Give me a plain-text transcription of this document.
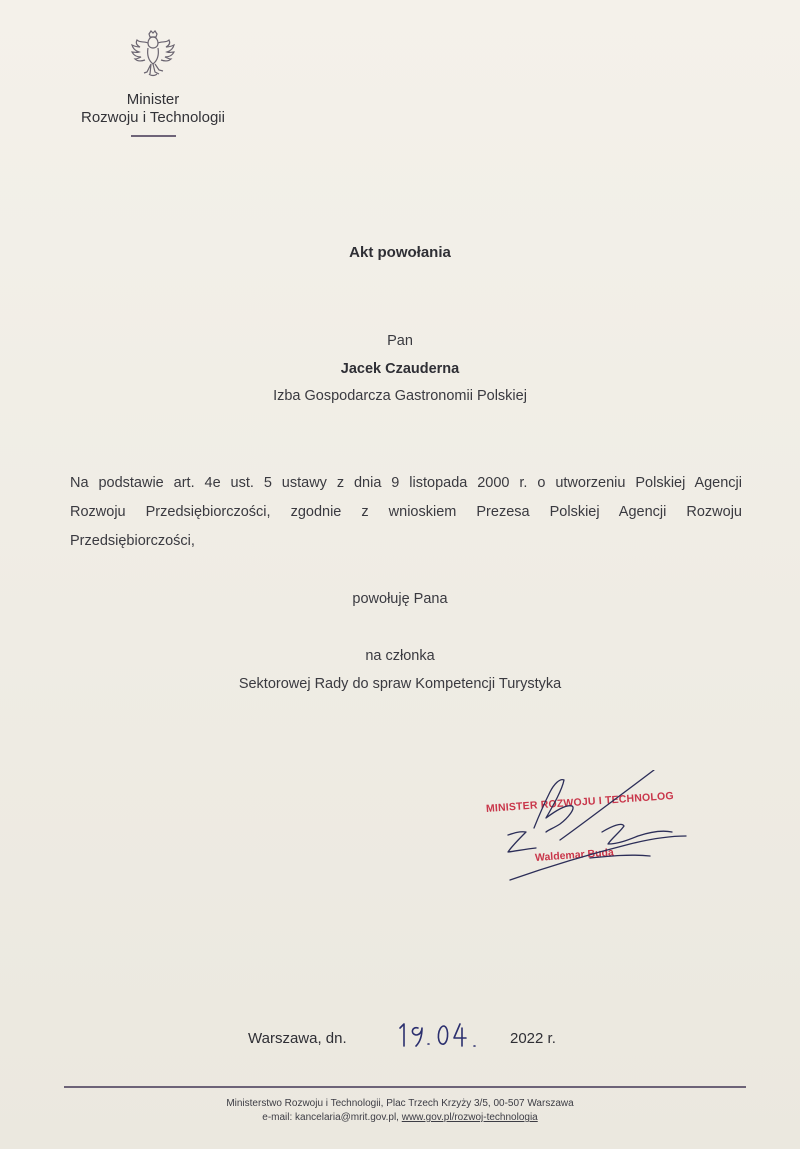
Minister
Rozwoju i Technologii
Akt powołania
Pan
Jacek Czauderna
Izba Gospodarcza Gastronomii Polskiej
Na podstawie art. 4e ust. 5 ustawy z dnia 9 listopada 2000 r. o utworzeniu Polskiej Agencji
Rozwoju Przedsiębiorczości, zgodnie z wnioskiem Prezesa Polskiej Agencji Rozwoju
Przedsiębiorczości,
powołuję Pana
na członka
Sektorowej Rady do spraw Kompetencji Turystyka
MINISTER ROZWOJU I TECHNOLOG
Waldemar Buda
Warszawa, dn.	2022 r.
Ministerstwo Rozwoju i Technologii, Plac Trzech Krzyży 3/5, 00-507 Warszawa
e-mail: kancelaria@mrit.gov.pl, www.gov.pl/rozwoj-technologia
